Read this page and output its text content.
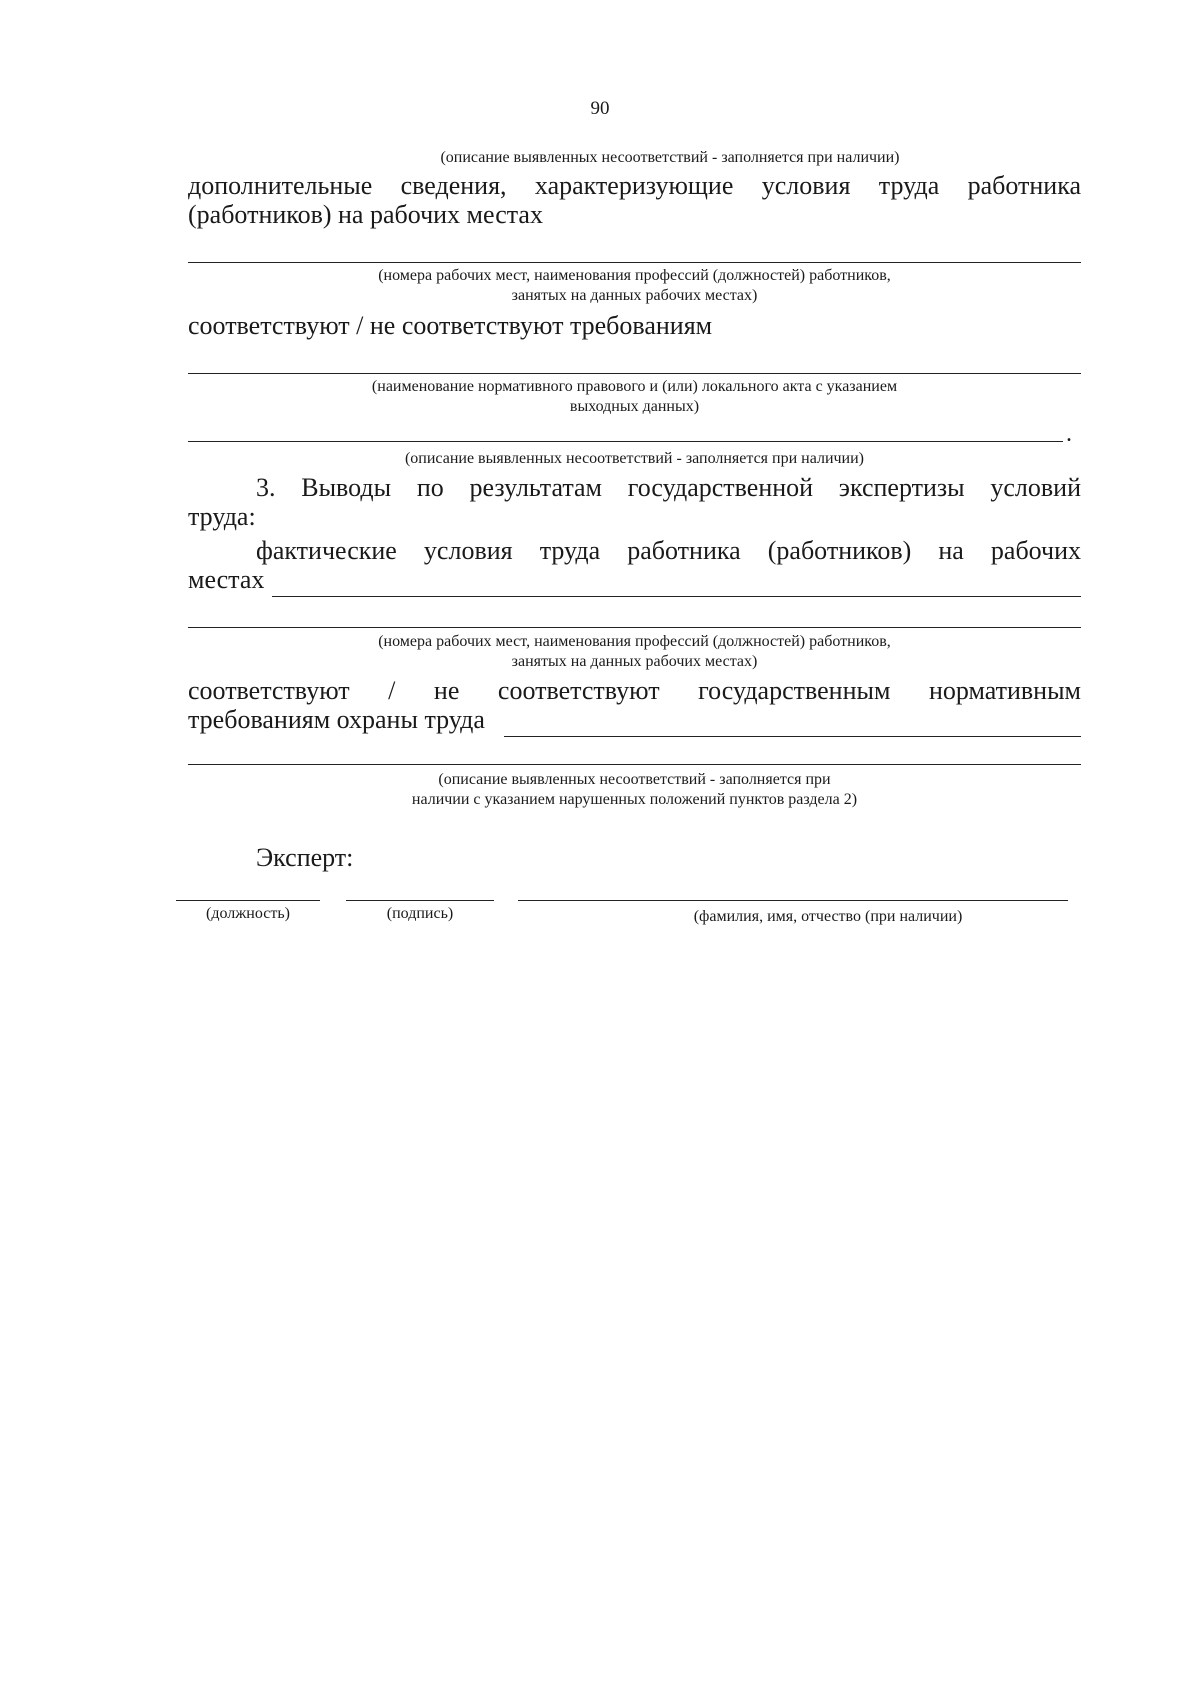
90
(описание выявленных несоответствий - заполняется при наличии)
дополнительные сведения, характеризующие условия труда работника
(работников) на рабочих местах
(номера рабочих мест, наименования профессий (должностей) работников,
занятых на данных рабочих местах)
соответствуют / не соответствуют требованиям
(наименование нормативного правового и (или) локального акта с указанием
выходных данных)
.
(описание выявленных несоответствий - заполняется при наличии)
3. Выводы по результатам государственной экспертизы условий
труда:
фактические условия труда работника (работников) на рабочих
местах
(номера рабочих мест, наименования профессий (должностей) работников,
занятых на данных рабочих местах)
соответствуют / не соответствуют государственным нормативным
требованиям охраны труда
(описание выявленных несоответствий - заполняется при
наличии с указанием нарушенных положений пунктов раздела 2)
Эксперт:
(должность)	(подпись)	(фамилия, имя, отчество (при наличии)
